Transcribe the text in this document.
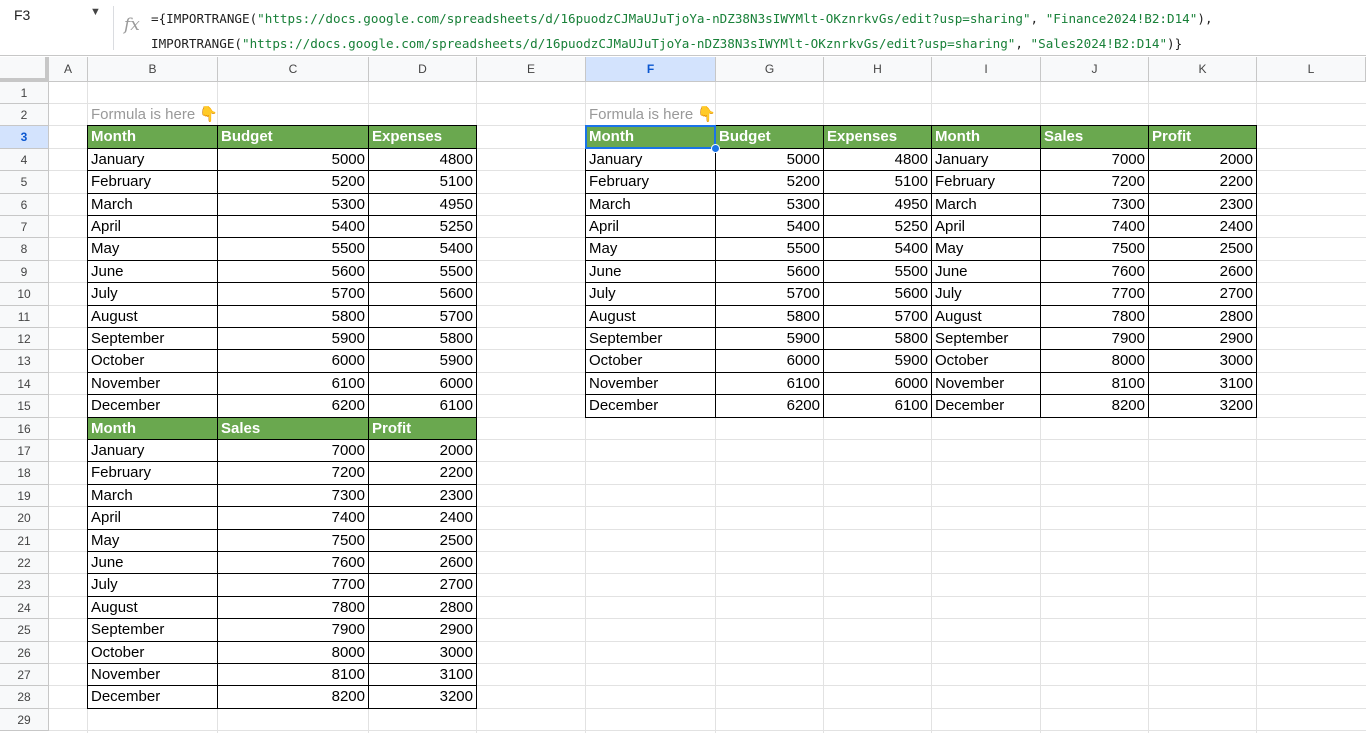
F3	▼
fx ={IMPORTRANGE("https://docs.google.com/spreadsheets/d/16puodzCJMaUJuTjoYa-nDZ38N3sIWYMlt-OKznrkvGs/edit?usp=sharing", "Finance2024!B2:D14"),
IMPORTRANGE("https://docs.google.com/spreadsheets/d/16puodzCJMaUJuTjoYa-nDZ38N3sIWYMlt-OKznrkvGs/edit?usp=sharing", "Sales2024!B2:D14")}
A	B	C	D	E	F	G	H	I	J	K	L
1
2
3
4
5
6
7
8
9
10
11
12
13
14
15
16
17
18
19
20
21
22
23
24
25
26
27
28
29
Formula is here 👇	Formula is here 👇
Month	Budget	Expenses
January	5000	4800
February	5200	5100
March	5300	4950
April	5400	5250
May	5500	5400
June	5600	5500
July	5700	5600
August	5800	5700
September	5900	5800
October	6000	5900
November	6100	6000
December	6200	6100
Month	Sales	Profit
January	7000	2000
February	7200	2200
March	7300	2300
April	7400	2400
May	7500	2500
June	7600	2600
July	7700	2700
August	7800	2800
September	7900	2900
October	8000	3000
November	8100	3100
December	8200	3200
Month	Budget	Expenses	Month	Sales	Profit
January	5000	4800 January	7000	2000
February	5200	5100 February	7200	2200
March	5300	4950 March	7300	2300
April	5400	5250 April	7400	2400
May	5500	5400 May	7500	2500
June	5600	5500 June	7600	2600
July	5700	5600 July	7700	2700
August	5800	5700 August	7800	2800
September	5900	5800 September	7900	2900
October	6000	5900 October	8000	3000
November	6100	6000 November	8100	3100
December	6200	6100 December	8200	3200
